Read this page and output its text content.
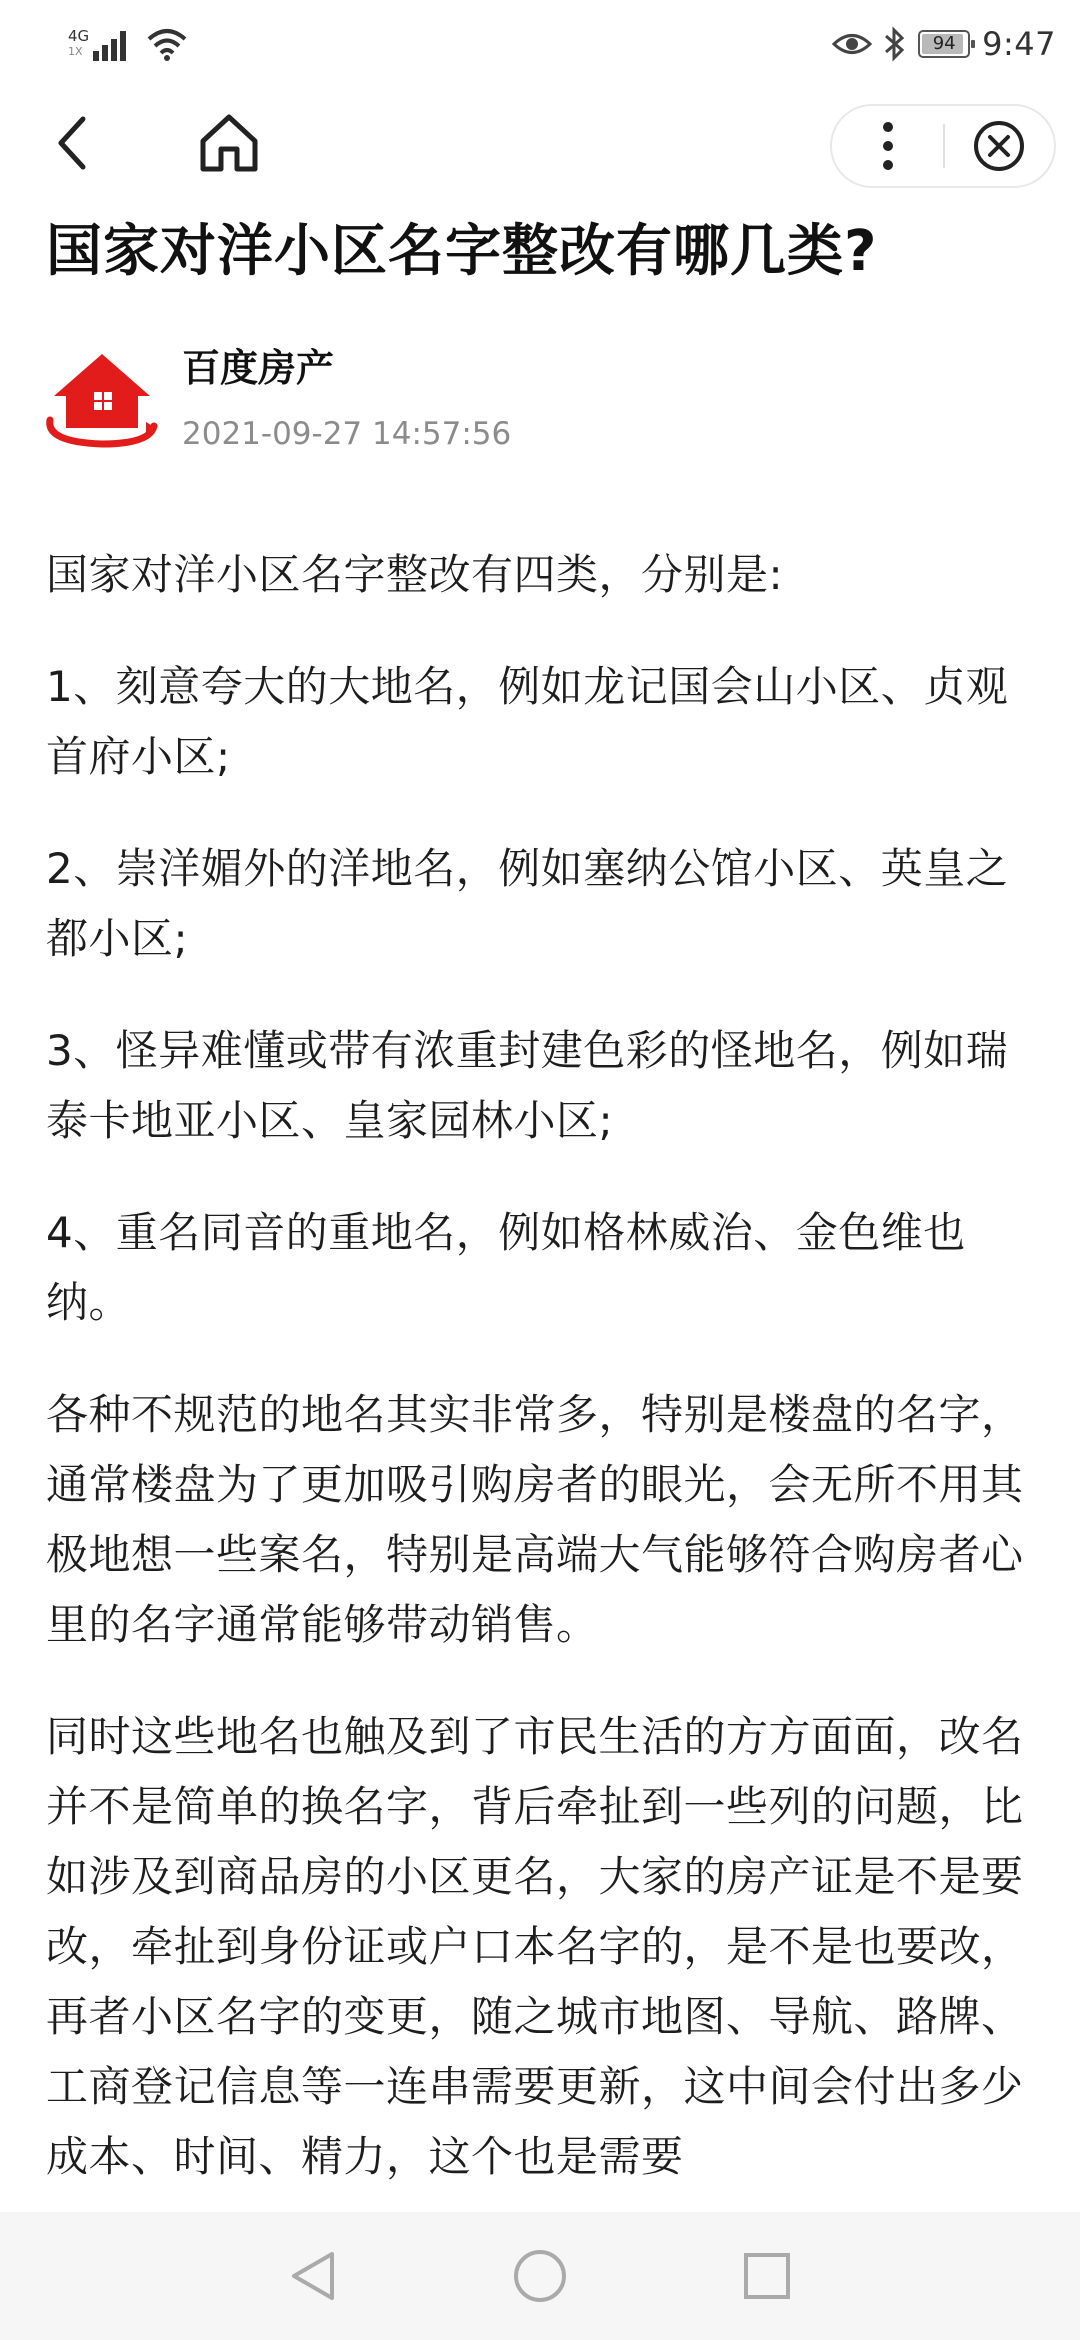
4G
1X	94 9:47
国家对洋小区名字整改有哪几类?
百度房产
2021-09-27 14:57:56

国家对洋小区名字整改有四类，分别是:

1、刻意夸大的大地名，例如龙记国会山小区、贞观首府小区;

2、崇洋媚外的洋地名，例如塞纳公馆小区、英皇之都小区;

3、怪异难懂或带有浓重封建色彩的怪地名，例如瑞泰卡地亚小区、皇家园林小区;

4、重名同音的重地名，例如格林威治、金色维也纳。

各种不规范的地名其实非常多，特别是楼盘的名字，通常楼盘为了更加吸引购房者的眼光，会无所不用其极地想一些案名，特别是高端大气能够符合购房者心里的名字通常能够带动销售。

同时这些地名也触及到了市民生活的方方面面，改名并不是简单的换名字，背后牵扯到一些列的问题，比如涉及到商品房的小区更名，大家的房产证是不是要改，牵扯到身份证或户口本名字的，是不是也要改，再者小区名字的变更，随之城市地图、导航、路牌、工商登记信息等一连串需要更新，这中间会付出多少成本、时间、精力，这个也是需要
